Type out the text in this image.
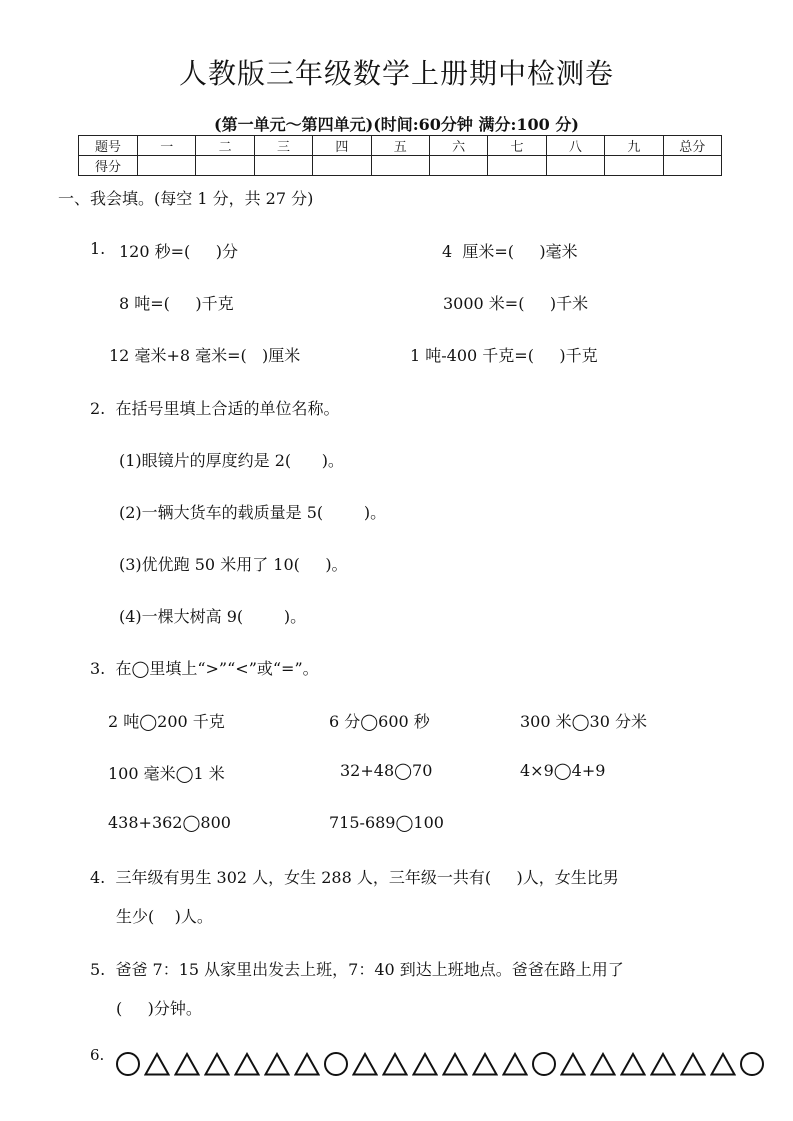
人教版三年级数学上册期中检测卷
(第一单元～第四单元)(时间:60分钟 满分:100 分)
题号	一	二	三	四	五	六	七	八	九	总分
得分										
一、我会填。(每空 1 分，共 27 分)
1. 120 秒=(     )分	4  厘米=(     )毫米
8 吨=(     )千克	3000 米=(     )千米
12 毫米+8 毫米=(   )厘米	1 吨-400 千克=(     )千克
2.  在括号里填上合适的单位名称。
(1)眼镜片的厚度约是 2(      )。
(2)一辆大货车的载质量是 5(        )。
(3)优优跑 50 米用了 10(     )。
(4)一棵大树高 9(        )。
3.  在◯里填上“>”“<”或“=”。
2 吨◯200 千克	6 分◯600 秒	300 米◯30 分米
100 毫米◯1 米	32+48◯70	4×9◯4+9
438+362◯800	715-689◯100
4.  三年级有男生 302 人，女生 288 人，三年级一共有(     )人，女生比男
生少(    )人。
5.  爸爸 7：15 从家里出发去上班，7：40 到达上班地点。爸爸在路上用了
(     )分钟。
6.
